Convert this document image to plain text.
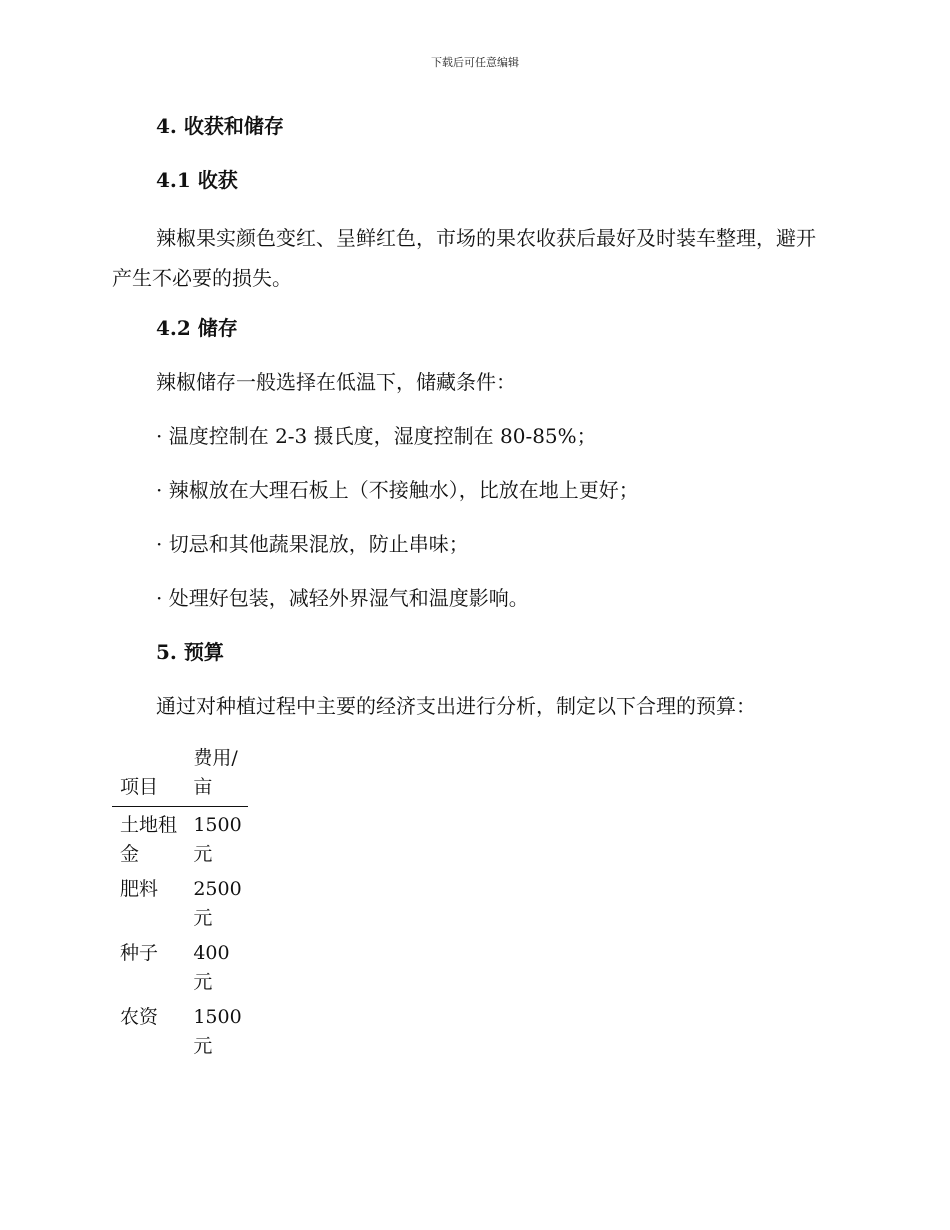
下载后可任意编辑
4. 收获和储存
4.1 收获
辣椒果实颜色变红、呈鲜红色，市场的果农收获后最好及时装车整理，避开产生不必要的损失。
4.2 储存
辣椒储存一般选择在低温下，储藏条件：
· 温度控制在 2-3 摄氏度，湿度控制在 80-85%；
· 辣椒放在大理石板上（不接触水），比放在地上更好；
· 切忌和其他蔬果混放，防止串味；
· 处理好包装，减轻外界湿气和温度影响。
5. 预算
通过对种植过程中主要的经济支出进行分析，制定以下合理的预算：
项目	费用/亩
土地租金	1500 元
肥料	2500 元
种子	400 元
农资	1500 元
